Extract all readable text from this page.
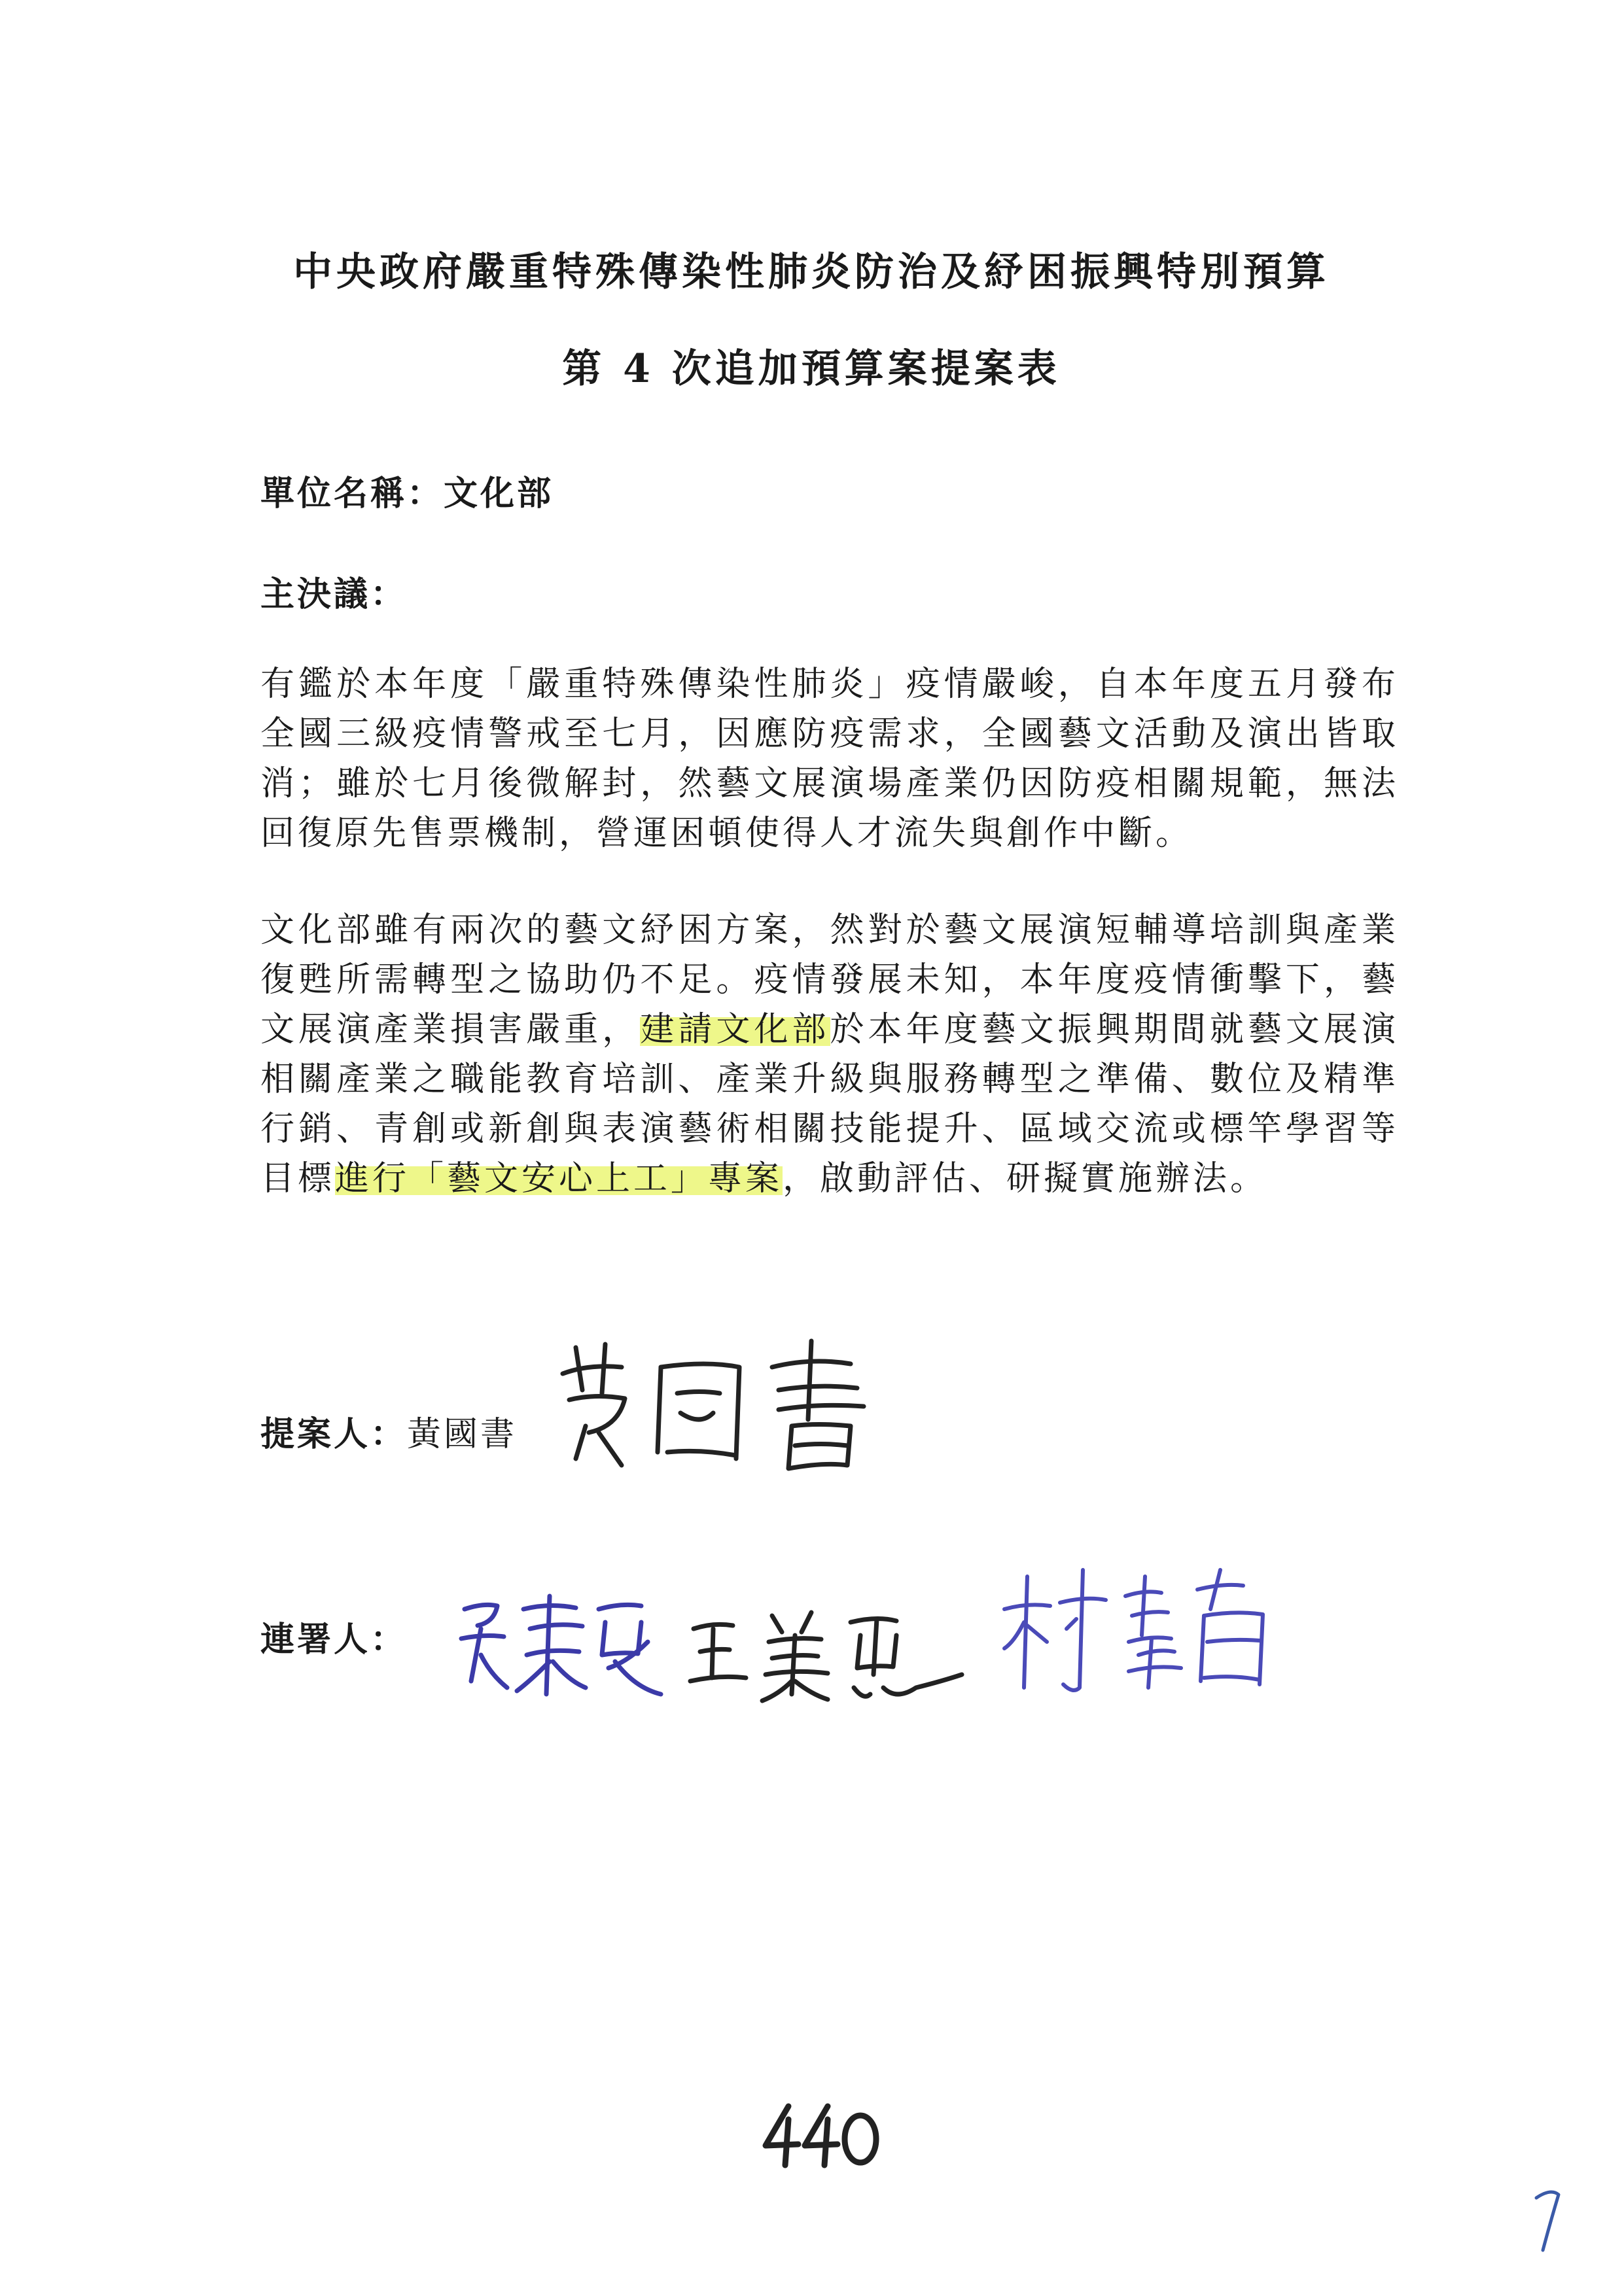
中央政府嚴重特殊傳染性肺炎防治及紓困振興特別預算
第 4 次追加預算案提案表
單位名稱：文化部
主決議：

有鑑於本年度「嚴重特殊傳染性肺炎」疫情嚴峻，自本年度五月發布全國三級疫情警戒至七月，因應防疫需求，全國藝文活動及演出皆取消；雖於七月後微解封，然藝文展演場產業仍因防疫相關規範，無法回復原先售票機制，營運困頓使得人才流失與創作中斷。

文化部雖有兩次的藝文紓困方案，然對於藝文展演短輔導培訓與產業復甦所需轉型之協助仍不足。疫情發展未知，本年度疫情衝擊下，藝文展演產業損害嚴重，建請文化部於本年度藝文振興期間就藝文展演相關產業之職能教育培訓、產業升級與服務轉型之準備、數位及精準行銷、青創或新創與表演藝術相關技能提升、區域交流或標竿學習等目標進行「藝文安心上工」專案，啟動評估、研擬實施辦法。

提案人：黃國書
連署人：
